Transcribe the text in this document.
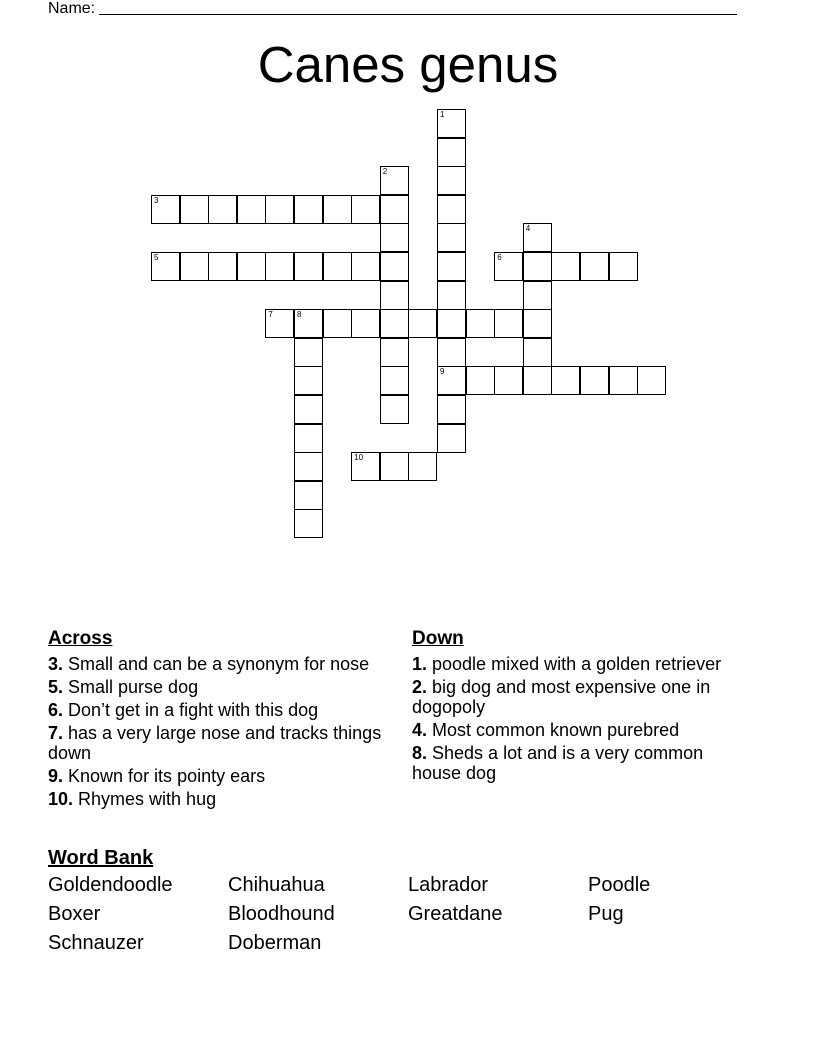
Name:
Canes genus
1
9
2
3
4
5	6
7	8
10
Across
3. Small and can be a synonym for nose
5. Small purse dog
6. Don’t get in a fight with this dog
7. has a very large nose and tracks things down
9. Known for its pointy ears
10. Rhymes with hug
Down
1. poodle mixed with a golden retriever
2. big dog and most expensive one in dogopoly
4. Most common known purebred
8. Sheds a lot and is a very common house dog
Word Bank
Goldendoodle	Chihuahua	Labrador	Poodle
Boxer	Bloodhound	Greatdane	Pug
Schnauzer	Doberman
